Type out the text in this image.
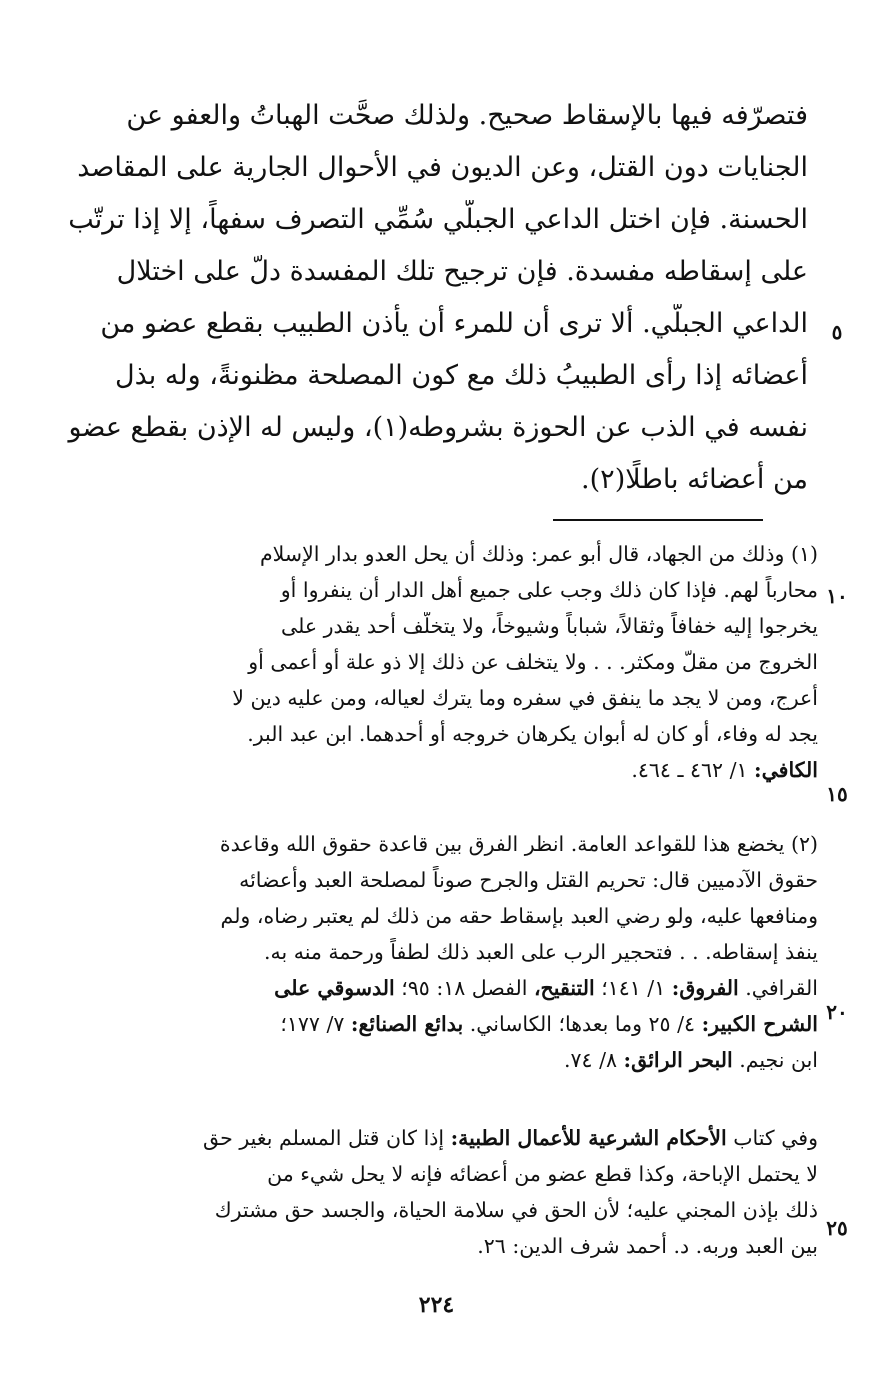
فتصرّفه فيها بالإسقاط صحيح. ولذلك صحَّت الهباتُ والعفو عن
الجنايات دون القتل، وعن الديون في الأحوال الجارية على المقاصد
الحسنة. فإن اختل الداعي الجبلّي سُمِّي التصرف سفهاً، إلا إذا ترتّب
على إسقاطه مفسدة. فإن ترجيح تلك المفسدة دلّ على اختلال
الداعي الجبلّي. ألا ترى أن للمرء أن يأذن الطبيب بقطع عضو من
أعضائه إذا رأى الطبيبُ ذلك مع كون المصلحة مظنونةً، وله بذل
نفسه في الذب عن الحوزة بشروطه(١)، وليس له الإذن بقطع عضو
من أعضائه باطلًا(٢).
٥
١٠
١٥
٢٠
٢٥
(١) وذلك من الجهاد، قال أبو عمر: وذلك أن يحل العدو بدار الإسلام
محارباً لهم. فإذا كان ذلك وجب على جميع أهل الدار أن ينفروا أو
يخرجوا إليه خفافاً وثقالاً، شباباً وشيوخاً، ولا يتخلّف أحد يقدر على
الخروج من مقلّ ومكثر. . . ولا يتخلف عن ذلك إلا ذو علة أو أعمى أو
أعرج، ومن لا يجد ما ينفق في سفره وما يترك لعياله، ومن عليه دين لا
يجد له وفاء، أو كان له أبوان يكرهان خروجه أو أحدهما. ابن عبد البر.
الكافي: ١/ ٤٦٢ ـ ٤٦٤.
(٢) يخضع هذا للقواعد العامة. انظر الفرق بين قاعدة حقوق الله وقاعدة
حقوق الآدميين قال: تحريم القتل والجرح صوناً لمصلحة العبد وأعضائه
ومنافعها عليه، ولو رضي العبد بإسقاط حقه من ذلك لم يعتبر رضاه، ولم
ينفذ إسقاطه. . . فتحجير الرب على العبد ذلك لطفاً ورحمة منه به.
القرافي. الفروق: ١/ ١٤١؛ التنقيح، الفصل ١٨: ٩٥؛ الدسوقي على
الشرح الكبير: ٤/ ٢٥ وما بعدها؛ الكاساني. بدائع الصنائع: ٧/ ١٧٧؛
ابن نجيم. البحر الرائق: ٨/ ٧٤.
وفي كتاب الأحكام الشرعية للأعمال الطبية: إذا كان قتل المسلم بغير حق
لا يحتمل الإباحة، وكذا قطع عضو من أعضائه فإنه لا يحل شيء من
ذلك بإذن المجني عليه؛ لأن الحق في سلامة الحياة، والجسد حق مشترك
بين العبد وربه. د. أحمد شرف الدين: ٢٦.
٢٢٤
